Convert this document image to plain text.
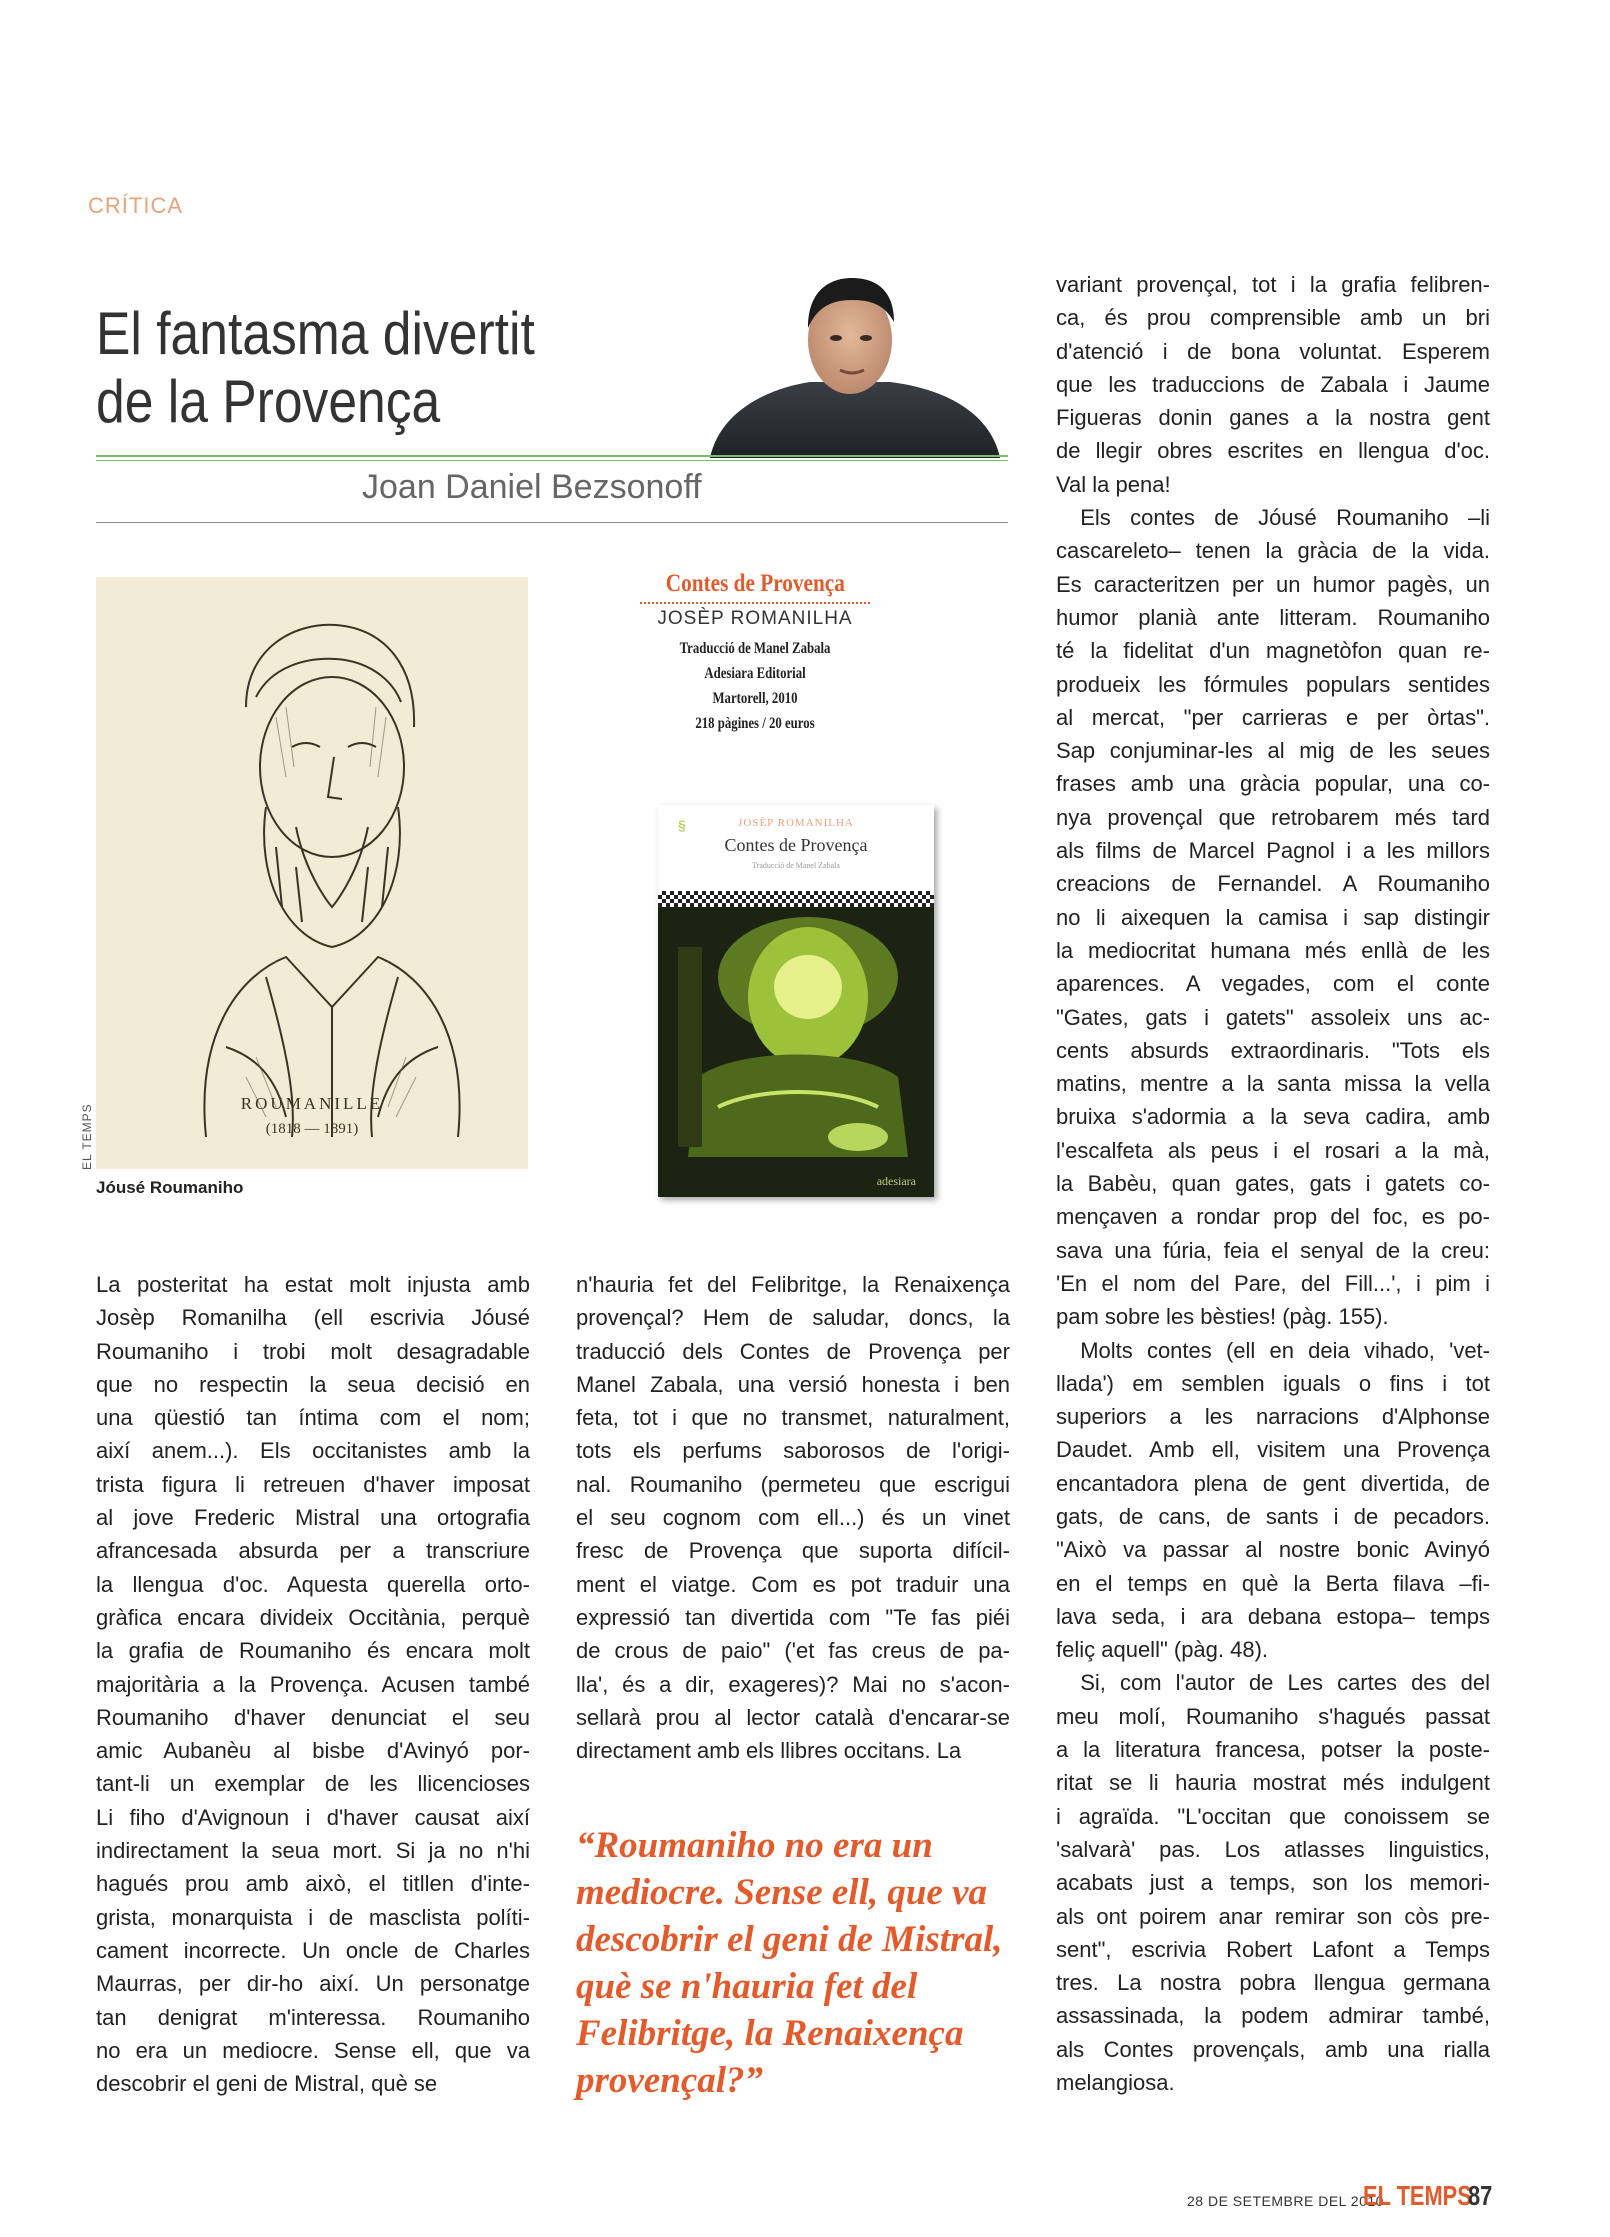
CRÍTICA
El fantasma divertit
de la Provença
Joan Daniel Bezsonoff
ROUMANILLE
(1818 — 1891)
EL TEMPS
Jóusé Roumaniho
Contes de Provença
JOSÈP ROMANILHA
Traducció de Manel Zabala
Adesiara Editorial
Martorell, 2010
218 pàgines / 20 euros
§	JOSÈP ROMANILHA
Contes de Provença
Traducció de Manel Zabala
adesiara

La posteritat ha estat molt injusta amb
Josèp Romanilha (ell escrivia Jóusé
Roumaniho i trobi molt desagradable
que no respectin la seua decisió en
una qüestió tan íntima com el nom;
així anem...). Els occitanistes amb la
trista figura li retreuen d'haver imposat
al jove Frederic Mistral una ortografia
afrancesada absurda per a transcriure
la llengua d'oc. Aquesta querella orto-
gràfica encara divideix Occitània, perquè
la grafia de Roumaniho és encara molt
majoritària a la Provença. Acusen també
Roumaniho d'haver denunciat el seu
amic Aubanèu al bisbe d'Avinyó por-
tant-li un exemplar de les llicencioses
Li fiho d'Avignoun i d'haver causat així
indirectament la seua mort. Si ja no n'hi
hagués prou amb això, el titllen d'inte-
grista, monarquista i de masclista políti-
cament incorrecte. Un oncle de Charles
Maurras, per dir-ho així. Un personatge
tan denigrat m'interessa. Roumaniho
no era un mediocre. Sense ell, que va
descobrir el geni de Mistral, què se

n'hauria fet del Felibritge, la Renaixença
provençal? Hem de saludar, doncs, la
traducció dels Contes de Provença per
Manel Zabala, una versió honesta i ben
feta, tot i que no transmet, naturalment,
tots els perfums saborosos de l'origi-
nal. Roumaniho (permeteu que escrigui
el seu cognom com ell...) és un vinet
fresc de Provença que suporta difícil-
ment el viatge. Com es pot traduir una
expressió tan divertida com "Te fas piéi
de crous de paio" ('et fas creus de pa-
lla', és a dir, exageres)? Mai no s'acon-
sellarà prou al lector català d'encarar-se
directament amb els llibres occitans. La

variant provençal, tot i la grafia felibren-
ca, és prou comprensible amb un bri
d'atenció i de bona voluntat. Esperem
que les traduccions de Zabala i Jaume
Figueras donin ganes a la nostra gent
de llegir obres escrites en llengua d'oc.
Val la pena!
Els contes de Jóusé Roumaniho –li
cascareleto– tenen la gràcia de la vida.
Es caracteritzen per un humor pagès, un
humor planià ante litteram. Roumaniho
té la fidelitat d'un magnetòfon quan re-
produeix les fórmules populars sentides
al mercat, "per carrieras e per òrtas".
Sap conjuminar-les al mig de les seues
frases amb una gràcia popular, una co-
nya provençal que retrobarem més tard
als films de Marcel Pagnol i a les millors
creacions de Fernandel. A Roumaniho
no li aixequen la camisa i sap distingir
la mediocritat humana més enllà de les
aparences. A vegades, com el conte
"Gates, gats i gatets" assoleix uns ac-
cents absurds extraordinaris. "Tots els
matins, mentre a la santa missa la vella
bruixa s'adormia a la seva cadira, amb
l'escalfeta als peus i el rosari a la mà,
la Babèu, quan gates, gats i gatets co-
mençaven a rondar prop del foc, es po-
sava una fúria, feia el senyal de la creu:
'En el nom del Pare, del Fill...', i pim i
pam sobre les bèsties! (pàg. 155).
Molts contes (ell en deia vihado, 'vet-
llada') em semblen iguals o fins i tot
superiors a les narracions d'Alphonse
Daudet. Amb ell, visitem una Provença
encantadora plena de gent divertida, de
gats, de cans, de sants i de pecadors.
"Això va passar al nostre bonic Avinyó
en el temps en què la Berta filava –fi-
lava seda, i ara debana estopa– temps
feliç aquell" (pàg. 48).
Si, com l'autor de Les cartes des del
meu molí, Roumaniho s'hagués passat
a la literatura francesa, potser la poste-
ritat se li hauria mostrat més indulgent
i agraïda. "L'occitan que conoissem se
'salvarà' pas. Los atlasses linguistics,
acabats just a temps, son los memori-
als ont poirem anar remirar son còs pre-
sent", escrivia Robert Lafont a Temps
tres. La nostra pobra llengua germana
assassinada, la podem admirar també,
als Contes provençals, amb una rialla
melangiosa.

“Roumaniho no era un mediocre. Sense ell, que va descobrir el geni de Mistral, què se n'hauria fet del Felibritge, la Renaixença provençal?”
28 DE SETEMBRE DEL 2010
EL TEMPS
87
